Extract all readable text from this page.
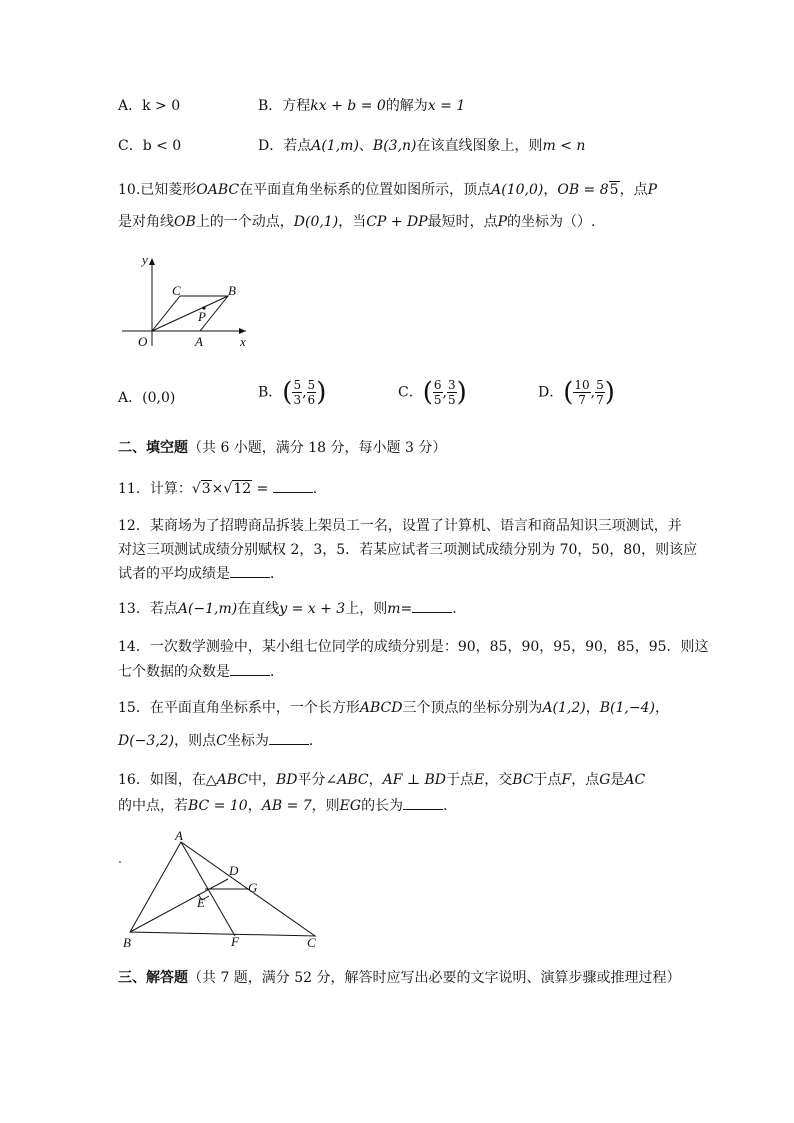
A．k > 0	B．方程kx + b = 0的解为x = 1
C．b < 0	D．若点A(1,m)、B(3,n)在该直线图象上，则m < n
10.已知菱形OABC在平面直角坐标系的位置如图所示，顶点A(10,0)，OB = 85，点P
是对角线OB上的一个动点，D(0,1)，当CP + DP最短时，点P的坐标为（）.
y
x
O	A
B
C
P
A．(0,0)	B．( $\frac{5}{3}$ , $\frac{5}{6}$ )	C．( $\frac{6}{5}$ , $\frac{3}{5}$ )	D．( $\frac{10}{7}$ , $\frac{5}{7}$ )
二、填空题（共 6 小题，满分 18 分，每小题 3 分）
11．计算：√3×√12 =	.
12．某商场为了招聘商品拆装上架员工一名，设置了计算机、语言和商品知识三项测试，并
对这三项测试成绩分别赋权 2，3，5．若某应试者三项测试成绩分别为 70，50，80，则该应
试者的平均成绩是	．
13．若点A(−1,m)在直线y = x + 3上，则m=	．
14．一次数学测验中，某小组七位同学的成绩分别是：90，85，90，95，90，85，95．则这
七个数据的众数是	．
15．在平面直角坐标系中，一个长方形ABCD三个顶点的坐标分别为A(1,2)，B(1,−4)，
D(−3,2)，则点C坐标为	．
16．如图，在△ABC中，BD平分∠ABC，AF ⊥ BD于点E，交BC于点F，点G是AC
的中点，若BC = 10，AB = 7，则EG的长为	．
A
B	C
D
E
F
G
三、解答题（共 7 题，满分 52 分，解答时应写出必要的文字说明、演算步骤或推理过程）
